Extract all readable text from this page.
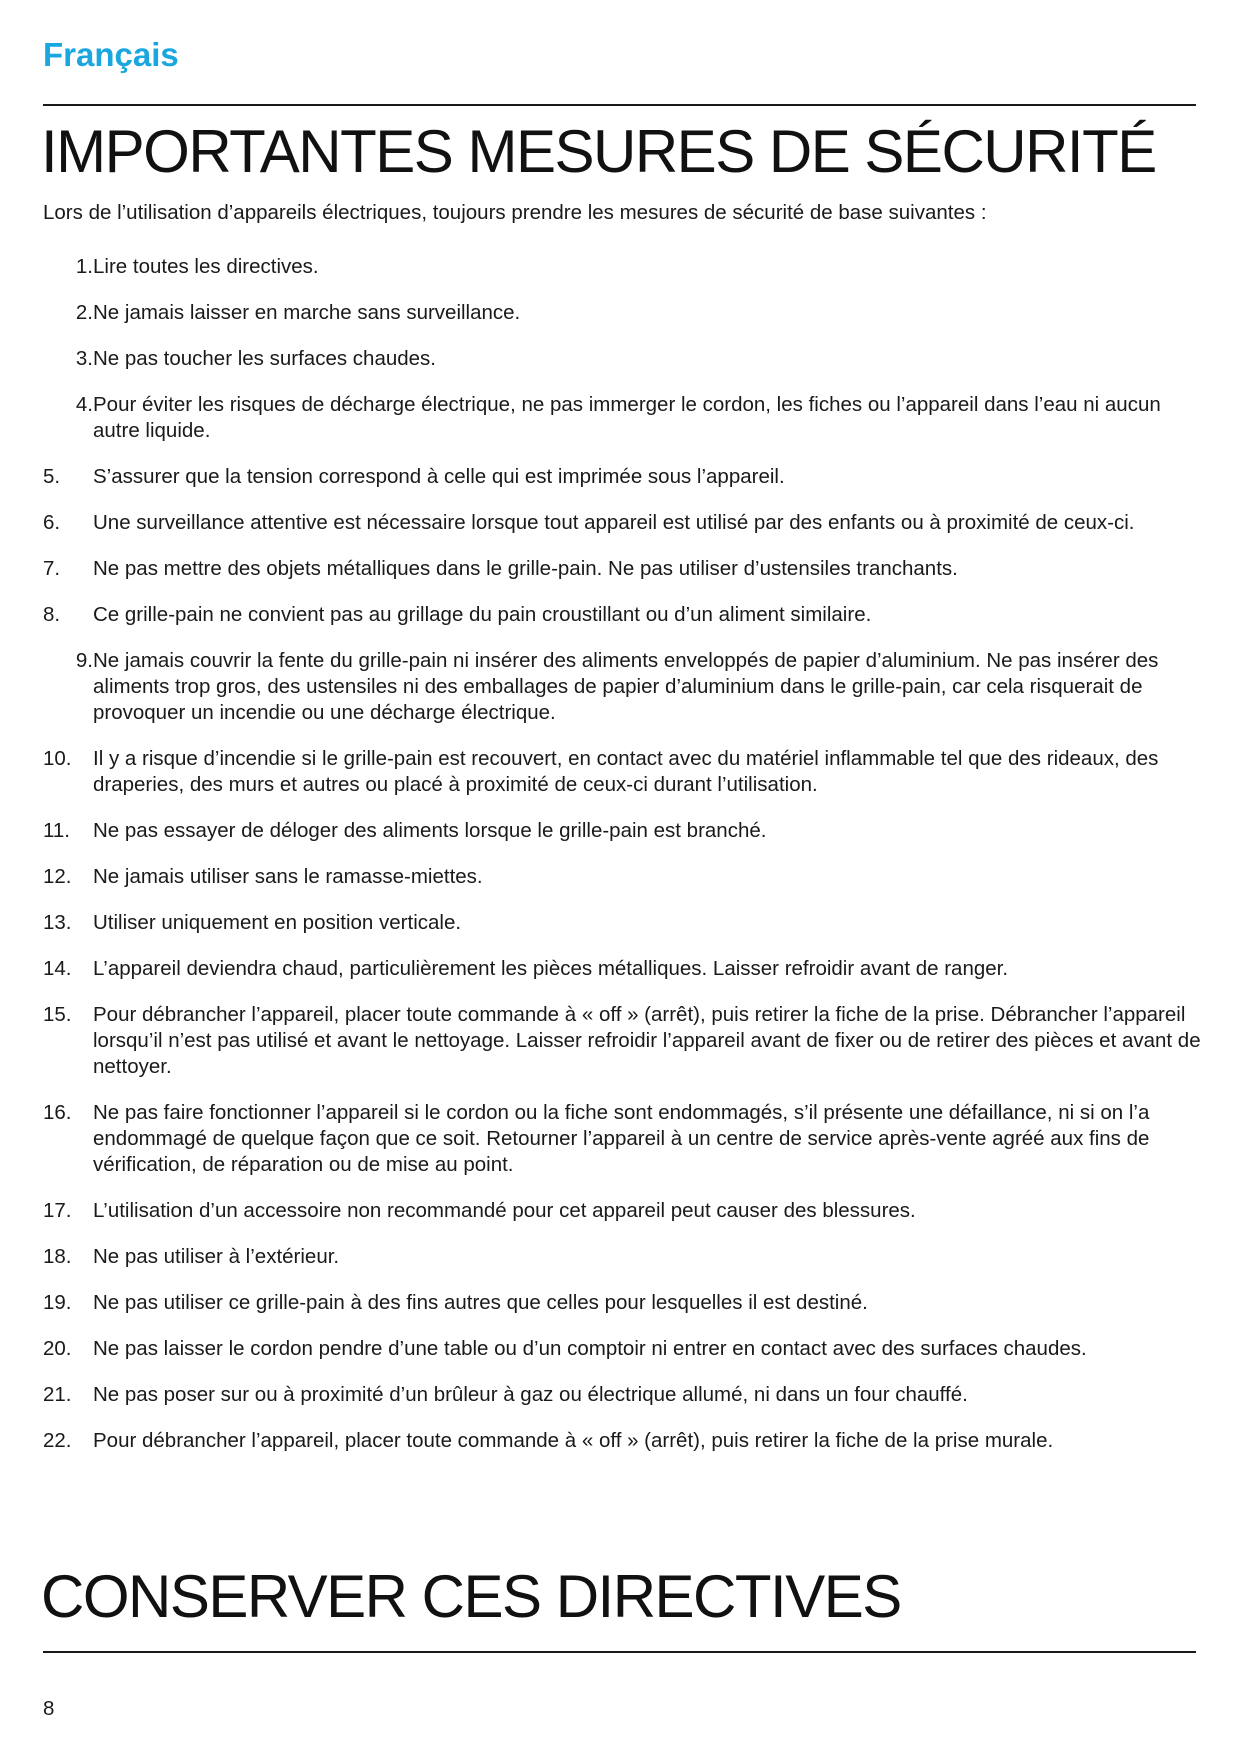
Français
IMPORTANTES MESURES DE SÉCURITÉ

Lors de l’utilisation d’appareils électriques, toujours prendre les mesures de sécurité de base suivantes :

1. Lire toutes les directives.
2. Ne jamais laisser en marche sans surveillance.
3. Ne pas toucher les surfaces chaudes.
4. Pour éviter les risques de décharge électrique, ne pas immerger le cordon, les fiches ou l’appareil dans l’eau ni aucun autre liquide.
5.	S’assurer que la tension correspond à celle qui est imprimée sous l’appareil.
6.	Une surveillance attentive est nécessaire lorsque tout appareil est utilisé par des enfants ou à proximité de ceux-ci.
7.	Ne pas mettre des objets métalliques dans le grille-pain. Ne pas utiliser d’ustensiles tranchants.
8.	Ce grille-pain ne convient pas au grillage du pain croustillant ou d’un aliment similaire.
9. Ne jamais couvrir la fente du grille-pain ni insérer des aliments enveloppés de papier d’aluminium. Ne pas insérer des aliments trop gros, des ustensiles ni des emballages de papier d’aluminium dans le grille-pain, car cela risquerait de provoquer un incendie ou une décharge électrique.
10.	Il y a risque d’incendie si le grille-pain est recouvert, en contact avec du matériel inflammable tel que des rideaux, des draperies, des murs et autres ou placé à proximité de ceux-ci durant l’utilisation.
11.	Ne pas essayer de déloger des aliments lorsque le grille-pain est branché.
12.	Ne jamais utiliser sans le ramasse-miettes.
13.	Utiliser uniquement en position verticale.
14.	L’appareil deviendra chaud, particulièrement les pièces métalliques. Laisser refroidir avant de ranger.
15.	Pour débrancher l’appareil, placer toute commande à « off » (arrêt), puis retirer la fiche de la prise. Débrancher l’appareil lorsqu’il n’est pas utilisé et avant le nettoyage. Laisser refroidir l’appareil avant de fixer ou de retirer des pièces et avant de nettoyer.
16.	Ne pas faire fonctionner l’appareil si le cordon ou la fiche sont endommagés, s’il présente une défaillance, ni si on l’a endommagé de quelque façon que ce soit. Retourner l’appareil à un centre de service après-vente agréé aux fins de vérification, de réparation ou de mise au point.
17.	L’utilisation d’un accessoire non recommandé pour cet appareil peut causer des blessures.
18.	Ne pas utiliser à l’extérieur.
19.	Ne pas utiliser ce grille-pain à des fins autres que celles pour lesquelles il est destiné.
20.	Ne pas laisser le cordon pendre d’une table ou d’un comptoir ni entrer en contact avec des surfaces chaudes.
21.	Ne pas poser sur ou à proximité d’un brûleur à gaz ou électrique allumé, ni dans un four chauffé.
22.	Pour débrancher l’appareil, placer toute commande à « off » (arrêt), puis retirer la fiche de la prise murale.
CONSERVER CES DIRECTIVES
8
